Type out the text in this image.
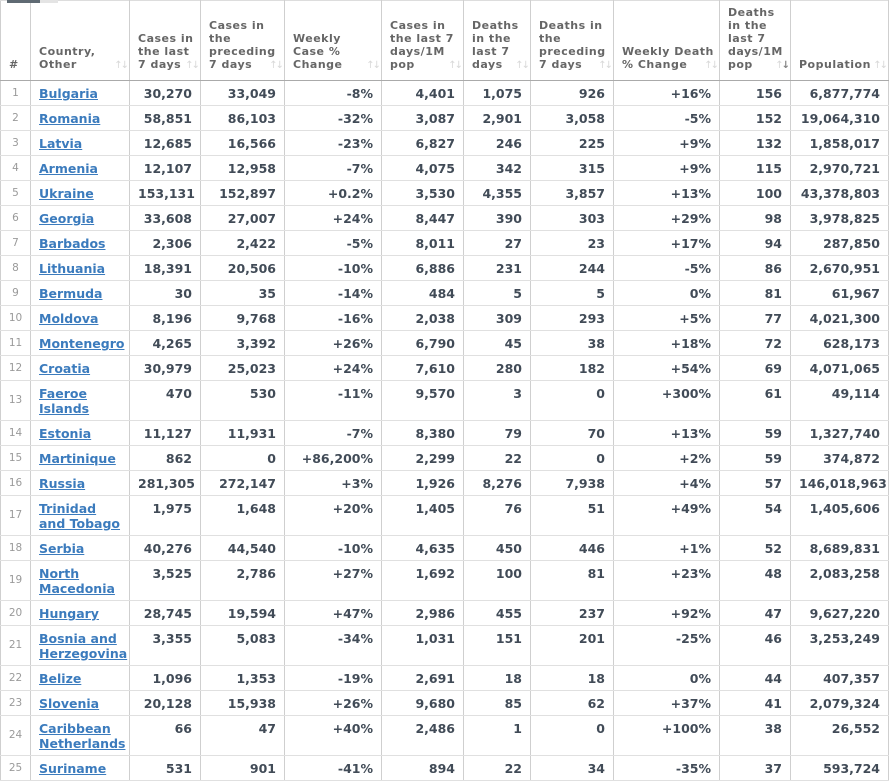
#	Country, Other ↑↓	Cases in the last 7 days ↑↓	Cases in the preceding 7 days ↑↓	Weekly Case % Change ↑↓	Cases in the last 7 days/1M pop ↑↓	Deaths in the last 7 days ↑↓	Deaths in the preceding 7 days ↑↓	Weekly Death % Change ↑↓	Deaths in the last 7 days/1M pop ↑↓	Population ↑↓

1	Bulgaria	30,270	33,049	-8%	4,401	1,075	926	+16%	156	6,877,774
2	Romania	58,851	86,103	-32%	3,087	2,901	3,058	-5%	152	19,064,310
3	Latvia	12,685	16,566	-23%	6,827	246	225	+9%	132	1,858,017
4	Armenia	12,107	12,958	-7%	4,075	342	315	+9%	115	2,970,721
5	Ukraine	153,131	152,897	+0.2%	3,530	4,355	3,857	+13%	100	43,378,803
6	Georgia	33,608	27,007	+24%	8,447	390	303	+29%	98	3,978,825
7	Barbados	2,306	2,422	-5%	8,011	27	23	+17%	94	287,850
8	Lithuania	18,391	20,506	-10%	6,886	231	244	-5%	86	2,670,951
9	Bermuda	30	35	-14%	484	5	5	0%	81	61,967
10	Moldova	8,196	9,768	-16%	2,038	309	293	+5%	77	4,021,300
11	Montenegro	4,265	3,392	+26%	6,790	45	38	+18%	72	628,173
12	Croatia	30,979	25,023	+24%	7,610	280	182	+54%	69	4,071,065
13	Faeroe Islands	470	530	-11%	9,570	3	0	+300%	61	49,114
14	Estonia	11,127	11,931	-7%	8,380	79	70	+13%	59	1,327,740
15	Martinique	862	0	+86,200%	2,299	22	0	+2%	59	374,872
16	Russia	281,305	272,147	+3%	1,926	8,276	7,938	+4%	57	146,018,963
17	Trinidad and Tobago	1,975	1,648	+20%	1,405	76	51	+49%	54	1,405,606
18	Serbia	40,276	44,540	-10%	4,635	450	446	+1%	52	8,689,831
19	North Macedonia	3,525	2,786	+27%	1,692	100	81	+23%	48	2,083,258
20	Hungary	28,745	19,594	+47%	2,986	455	237	+92%	47	9,627,220
21	Bosnia and Herzegovina	3,355	5,083	-34%	1,031	151	201	-25%	46	3,253,249
22	Belize	1,096	1,353	-19%	2,691	18	18	0%	44	407,357
23	Slovenia	20,128	15,938	+26%	9,680	85	62	+37%	41	2,079,324
24	Caribbean Netherlands	66	47	+40%	2,486	1	0	+100%	38	26,552
25	Suriname	531	901	-41%	894	22	34	-35%	37	593,724
